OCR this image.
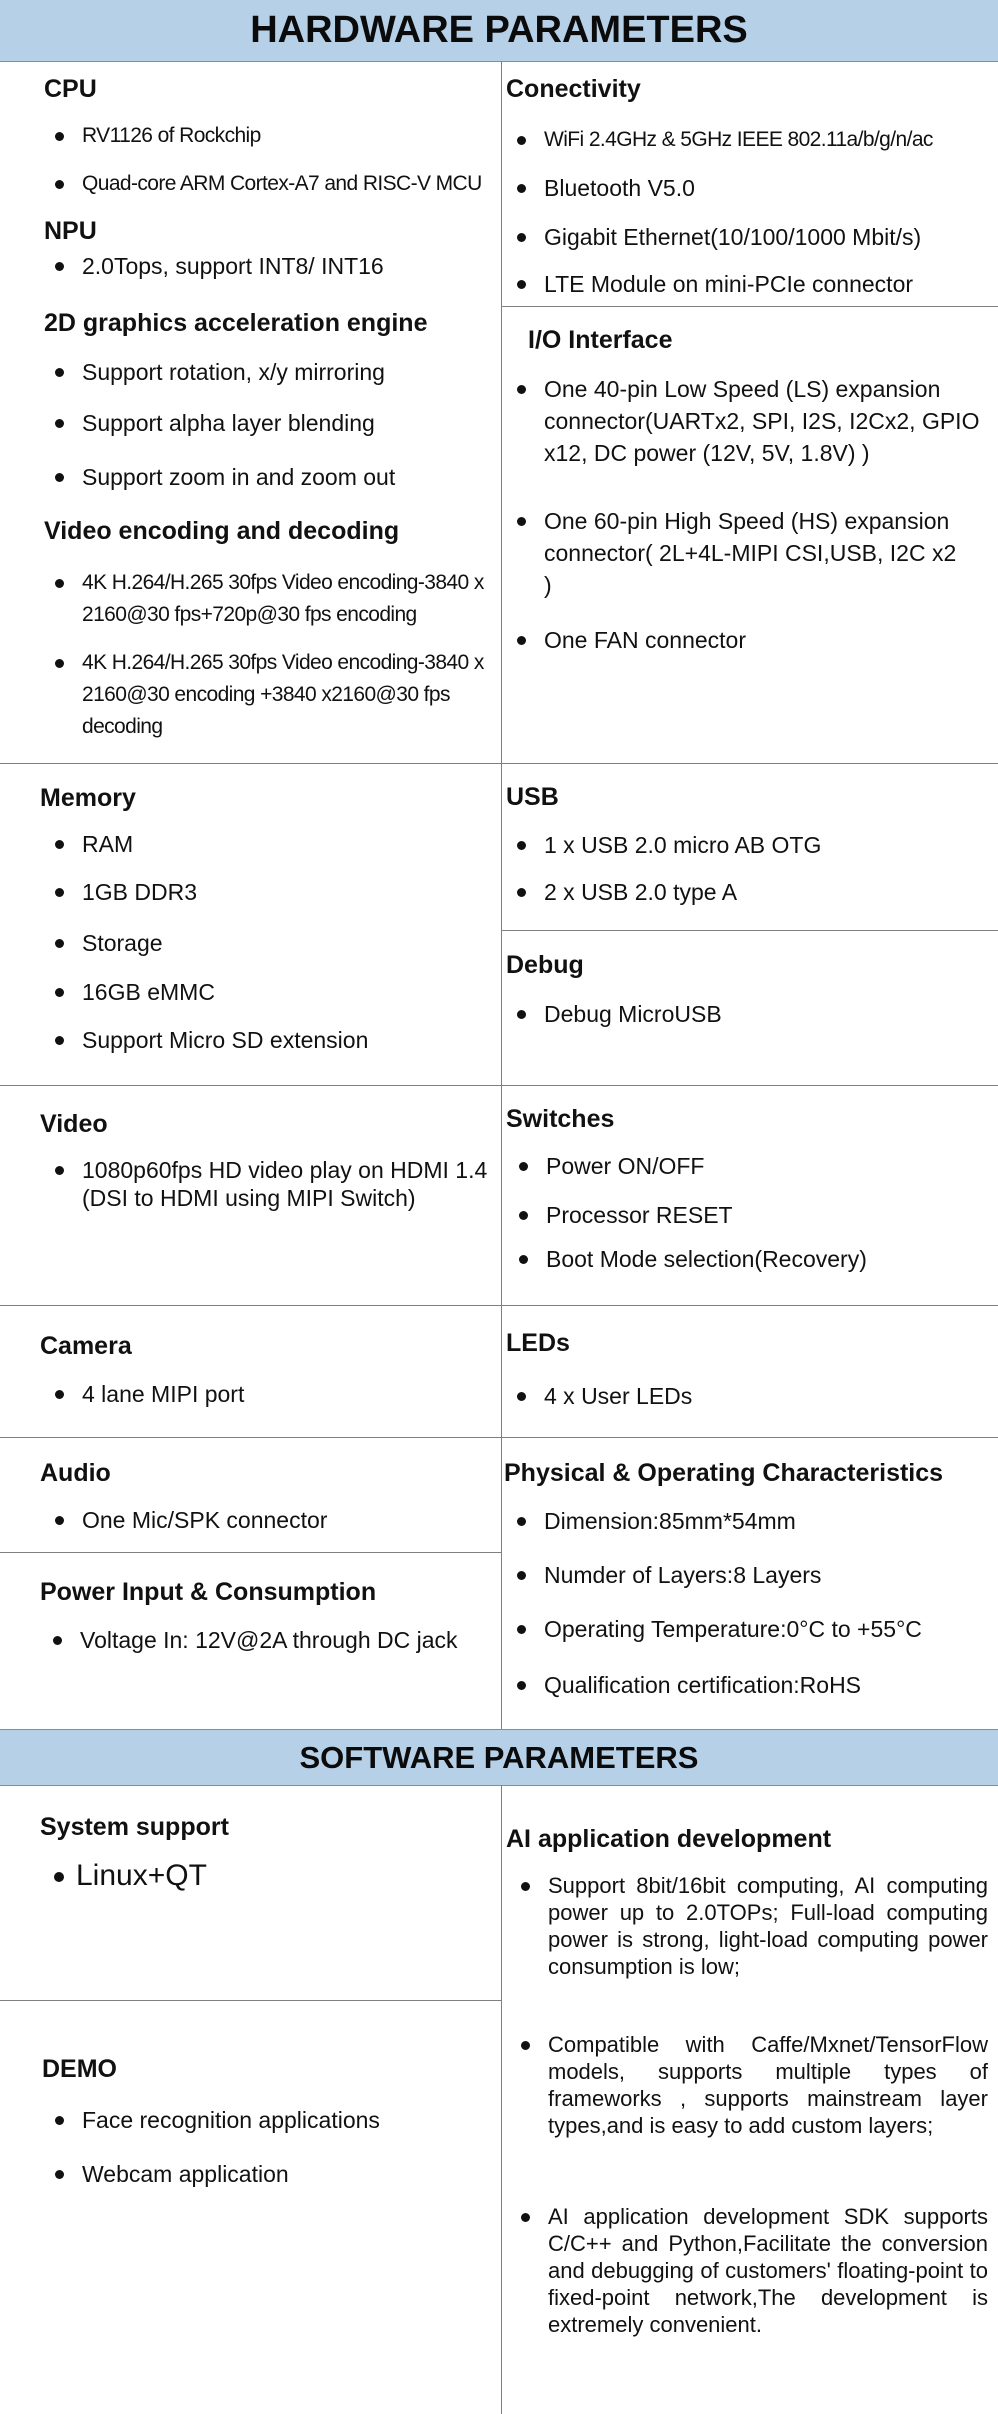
HARDWARE PARAMETERS
CPU
RV1126 of Rockchip
Quad-core ARM Cortex-A7 and RISC-V MCU
NPU
2.0Tops, support INT8/ INT16
2D graphics acceleration engine
Support rotation, x/y mirroring
Support alpha layer blending
Support zoom in and zoom out
Video encoding and decoding
4K H.264/H.265 30fps Video encoding-3840 x 2160@30 fps+720p@30 fps encoding
4K H.264/H.265 30fps Video encoding-3840 x 2160@30 encoding +3840 x2160@30 fps decoding
Conectivity
WiFi 2.4GHz & 5GHz IEEE 802.11a/b/g/n/ac
Bluetooth V5.0
Gigabit Ethernet(10/100/1000 Mbit/s)
LTE Module on mini-PCIe connector
I/O Interface
One 40-pin Low Speed (LS) expansion connector(UARTx2, SPI, I2S, I2Cx2, GPIO x12, DC power (12V, 5V, 1.8V) )
One 60-pin High Speed (HS) expansion connector( 2L+4L-MIPI CSI,USB, I2C x2 )
One FAN connector
Memory
RAM
1GB DDR3
Storage
16GB eMMC
Support Micro SD extension
USB
1 x USB 2.0 micro AB OTG
2 x USB 2.0 type A
Debug
Debug MicroUSB
Video
1080p60fps HD video play on HDMI 1.4 (DSI to HDMI using MIPI Switch)
Switches
Power ON/OFF
Processor RESET
Boot Mode selection(Recovery)
Camera
4 lane MIPI port
LEDs
4 x User LEDs
Audio
One Mic/SPK connector
Power Input & Consumption
Voltage In: 12V@2A through DC jack
Physical & Operating Characteristics
Dimension:85mm*54mm
Numder of Layers:8 Layers
Operating Temperature:0°C to +55°C
Qualification certification:RoHS
SOFTWARE PARAMETERS
System support
Linux+QT
DEMO
Face recognition applications
Webcam application
AI application development
Support 8bit/16bit computing, AI computing power up to 2.0TOPs; Full-load computing power is strong, light-load computing power consumption is low;
Compatible with Caffe/Mxnet/TensorFlow models, supports multiple types of frameworks , supports mainstream layer types,and is easy to add custom layers;
AI application development SDK supports C/C++ and Python,Facilitate the conversion and debugging of customers' floating-point to fixed-point network,The development is extremely convenient.
